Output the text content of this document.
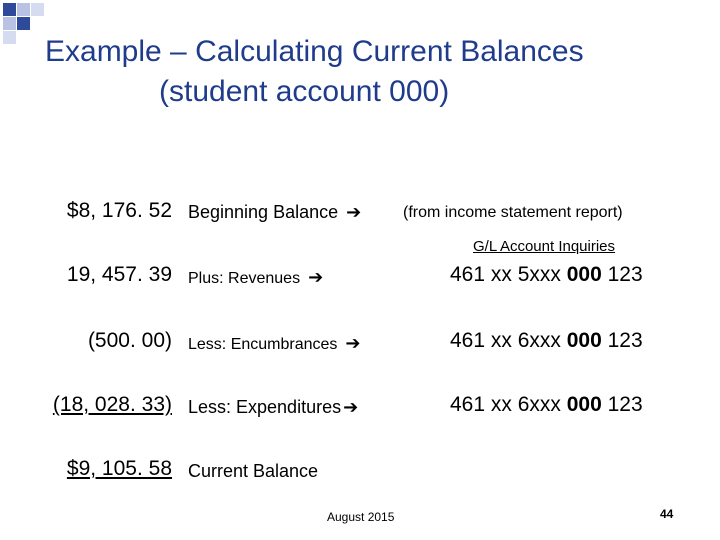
Example – Calculating Current Balances
(student account 000)
$8, 176. 52 Beginning Balance ➔	(from income statement report)
G/L Account Inquiries
19, 457. 39 Plus: Revenues ➔	461 xx 5xxx 000 123
(500. 00) Less: Encumbrances ➔	461 xx 6xxx 000 123
(18, 028. 33) Less: Expenditures ➔	461 xx 6xxx 000 123
$9, 105. 58 Current Balance
August 2015	44
